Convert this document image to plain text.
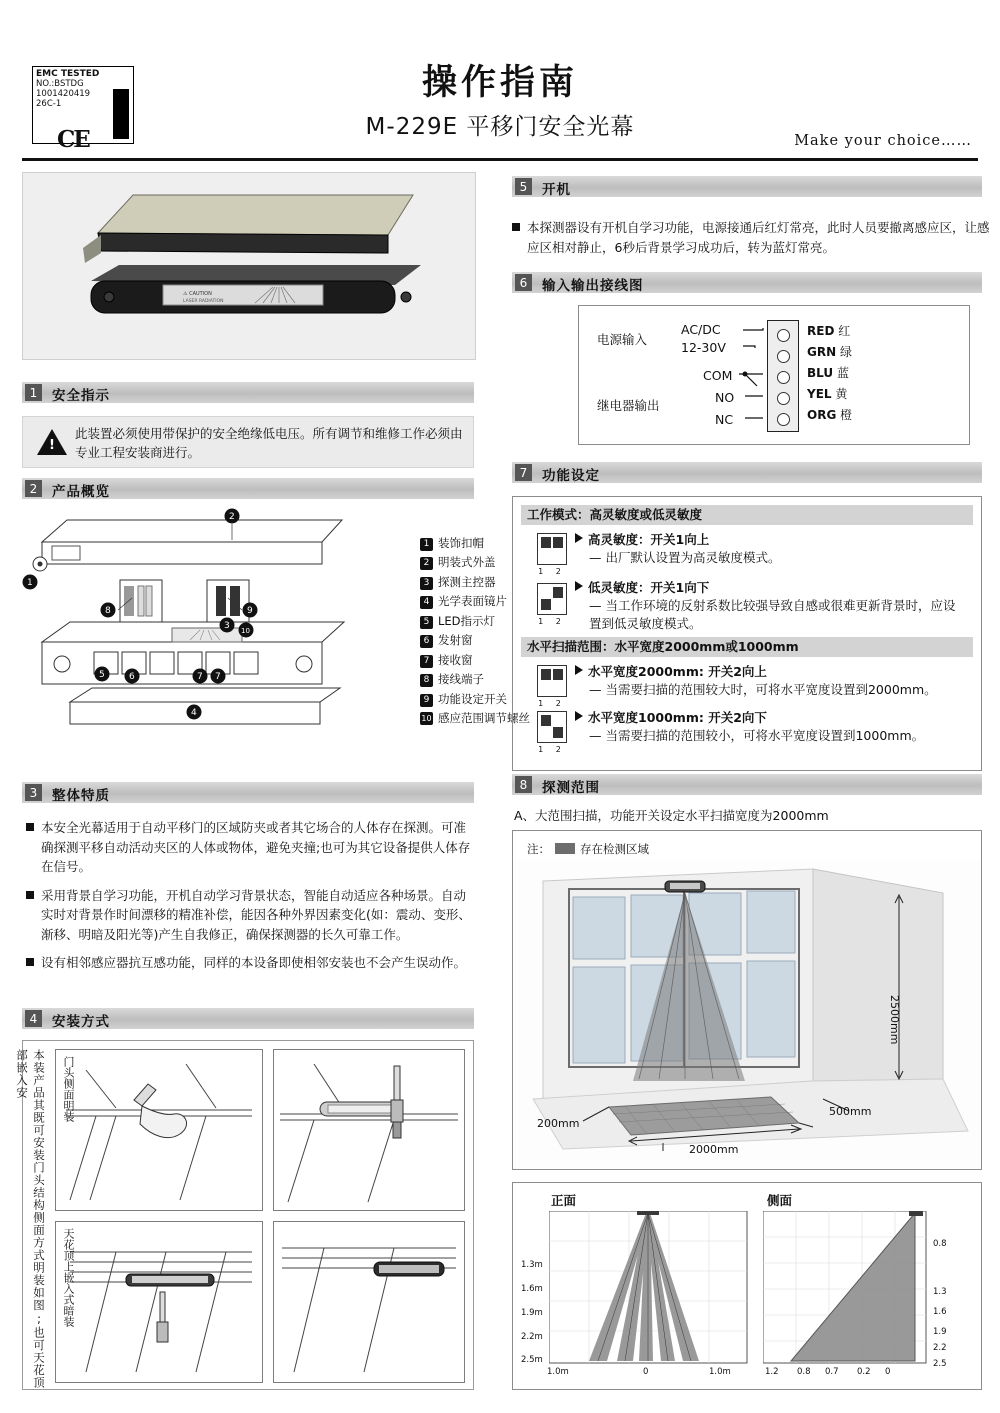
EMC TESTED
NO.:BSTDG
1001420419
26C-1
CE
操作指南
M-229E 平移门安全光幕
Make your choice……
⚠ CAUTION
LASER RADIATION
1	安全指示
!
此装置必须使用带保护的安全绝缘低电压。所有调节和维修工作必须由专业工程安装商进行。
2	产品概览
2
1
8	9
3 10
5	6	7 7
4
1 装饰扣帽
2 明装式外盖
3 探测主控器
4 光学表面镜片
5 LED指示灯
6 发射窗
7 接收窗
8 接线端子
9 功能设定开关
10 感应范围调节螺丝
3	整体特质

本安全光幕适用于自动平移门的区域防夹或者其它场合的人体存在探测。可准确探测平移自动活动夹区的人体或物体，避免夹撞;也可为其它设备提供人体存在信号。

采用背景自学习功能，开机自动学习背景状态，智能自动适应各种场景。自动实时对背景作时间漂移的精准补偿，能因各种外界因素变化(如：震动、变形、渐移、明暗及阳光等)产生自我修正，确保探测器的长久可靠工作。

设有相邻感应器抗互感功能，同样的本设备即使相邻安装也不会产生误动作。

4	安装方式
本装产品其既可安装门头结构侧面方式明装如图;也可天花顶部嵌入安	门头侧面明装
天花顶上嵌入式暗装
5	开机
本探测器设有开机自学习功能，电源接通后红灯常亮，此时人员要撤离感应区，让感应区相对静止，6秒后背景学习成功后，转为蓝灯常亮。
6	输入输出接线图
电源输入
AC/DC
12-30V
继电器输出
COM
NO
NC
RED 红
GRN 绿
BLU 蓝
YEL 黄
ORG 橙
7	功能设定
工作模式：高灵敏度或低灵敏度
1 2
高灵敏度：开关1向上
— 出厂默认设置为高灵敏度模式。
1 2
低灵敏度：开关1向下
— 当工作环境的反射系数比较强导致自感或很难更新背景时，应设置到低灵敏度模式。
水平扫描范围：水平宽度2000mm或1000mm
1 2
水平宽度2000mm: 开关2向上
— 当需要扫描的范围较大时，可将水平宽度设置到2000mm。
1 2
水平宽度1000mm: 开关2向下
— 当需要扫描的范围较小，可将水平宽度设置到1000mm。
8	探测范围
A、大范围扫描，功能开关设定水平扫描宽度为2000mm
注：	存在检测区域
2500mm
500mm
200mm
2000mm
正面	侧面
1.3m
1.6m
1.9m
2.2m
2.5m
1.0m	0	1.0m
0.8
1.3
1.6
1.9
2.2
2.5
1.2 0.8 0.7 0.2 0
